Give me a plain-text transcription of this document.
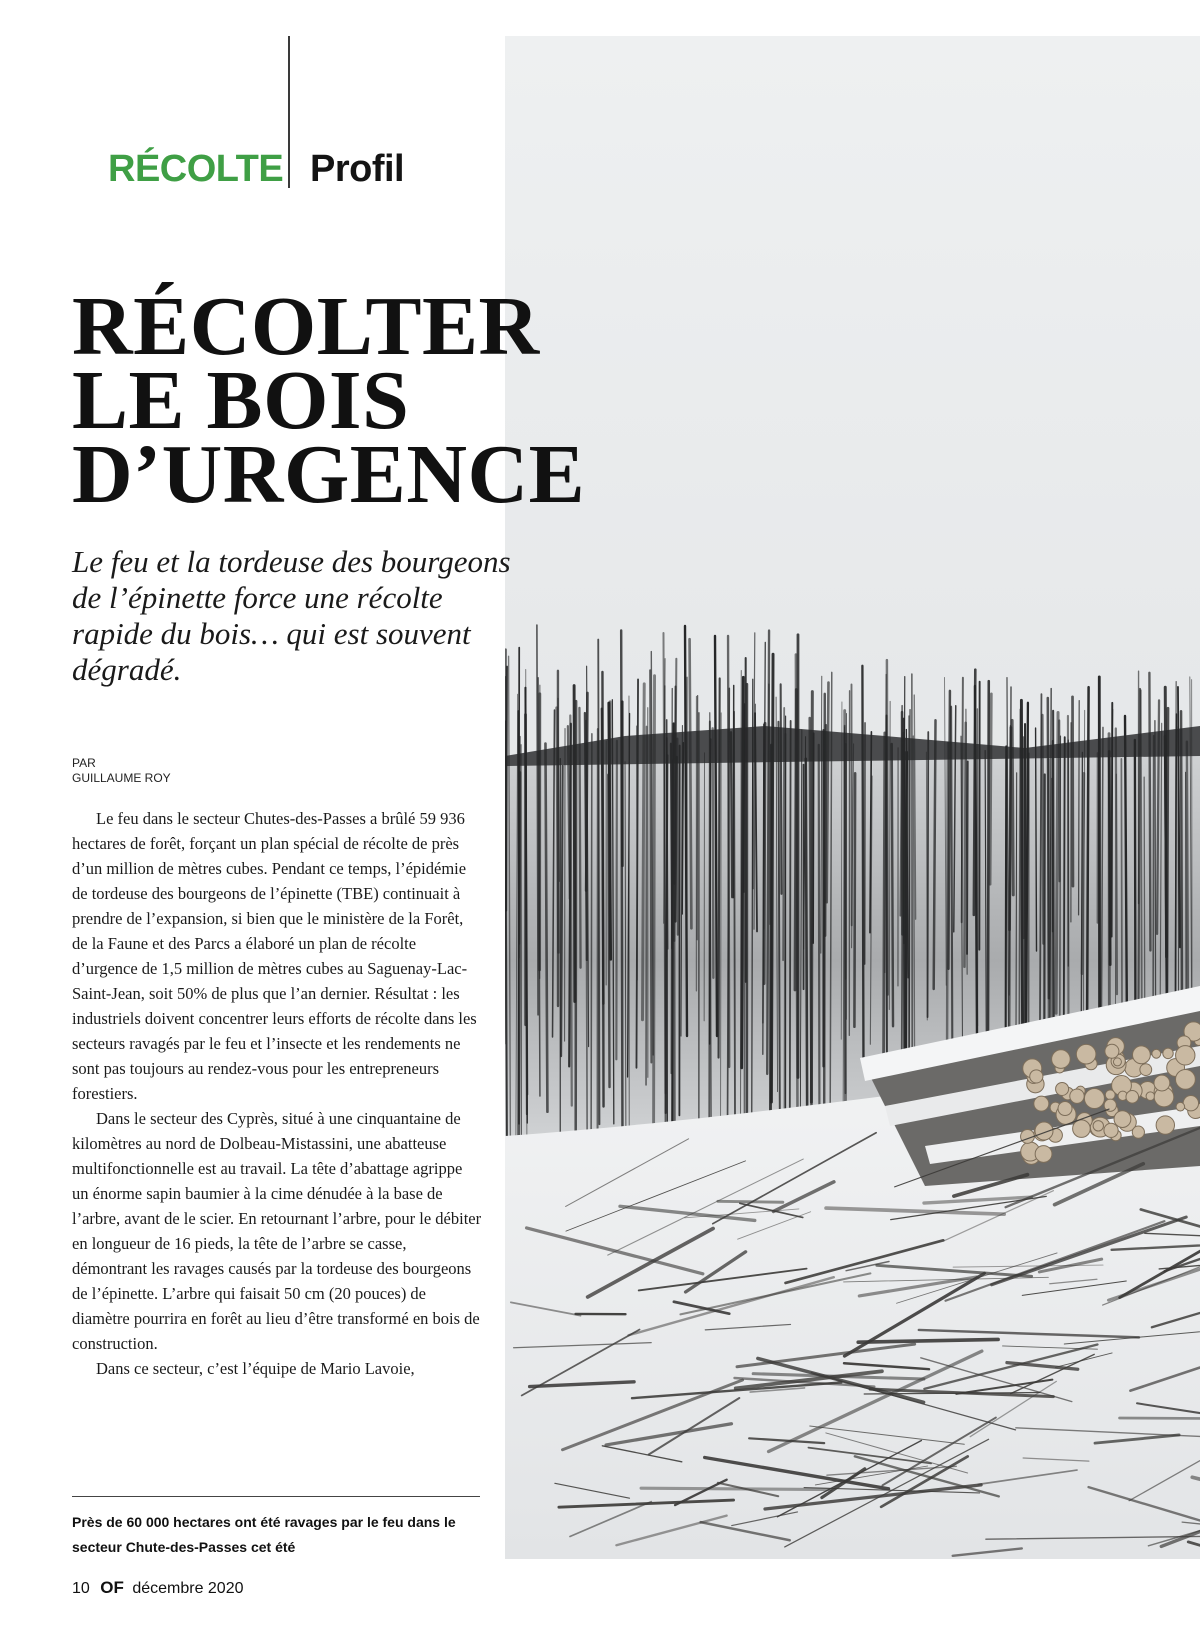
RÉCOLTE Profil
RÉCOLTER
LE BOIS
D’URGENCE

Le feu et la tordeuse des bourgeons de l’épinette force une récolte rapide du bois… qui est souvent dégradé.

PAR
GUILLAUME ROY

Le feu dans le secteur Chutes-des-Passes a brûlé 59 936 hectares de forêt, forçant un plan spécial de récolte de près d’un million de mètres cubes. Pendant ce temps, l’épidémie de tordeuse des bourgeons de l’épinette (TBE) continuait à prendre de l’expansion, si bien que le ministère de la Forêt, de la Faune et des Parcs a élaboré un plan de récolte d’urgence de 1,5 million de mètres cubes au Saguenay-Lac-Saint-Jean, soit 50% de plus que l’an dernier. Résultat : les industriels doivent concentrer leurs efforts de récolte dans les secteurs ravagés par le feu et l’insecte et les rendements ne sont pas toujours au rendez-vous pour les entrepreneurs forestiers.

Dans le secteur des Cyprès, situé à une cinquantaine de kilomètres au nord de Dolbeau-Mistassini, une abatteuse multifonctionnelle est au travail. La tête d’abattage agrippe un énorme sapin baumier à la cime dénudée à la base de l’arbre, avant de le scier. En retournant l’arbre, pour le débiter en longueur de 16 pieds, la tête de l’arbre se casse, démontrant les ravages causés par la tordeuse des bourgeons de l’épinette. L’arbre qui faisait 50 cm (20 pouces) de diamètre pourrira en forêt au lieu d’être transformé en bois de construction.

Dans ce secteur, c’est l’équipe de Mario Lavoie,

Près de 60 000 hectares ont été ravages par le feu dans le secteur Chute-des-Passes cet été
10 OF décembre 2020
